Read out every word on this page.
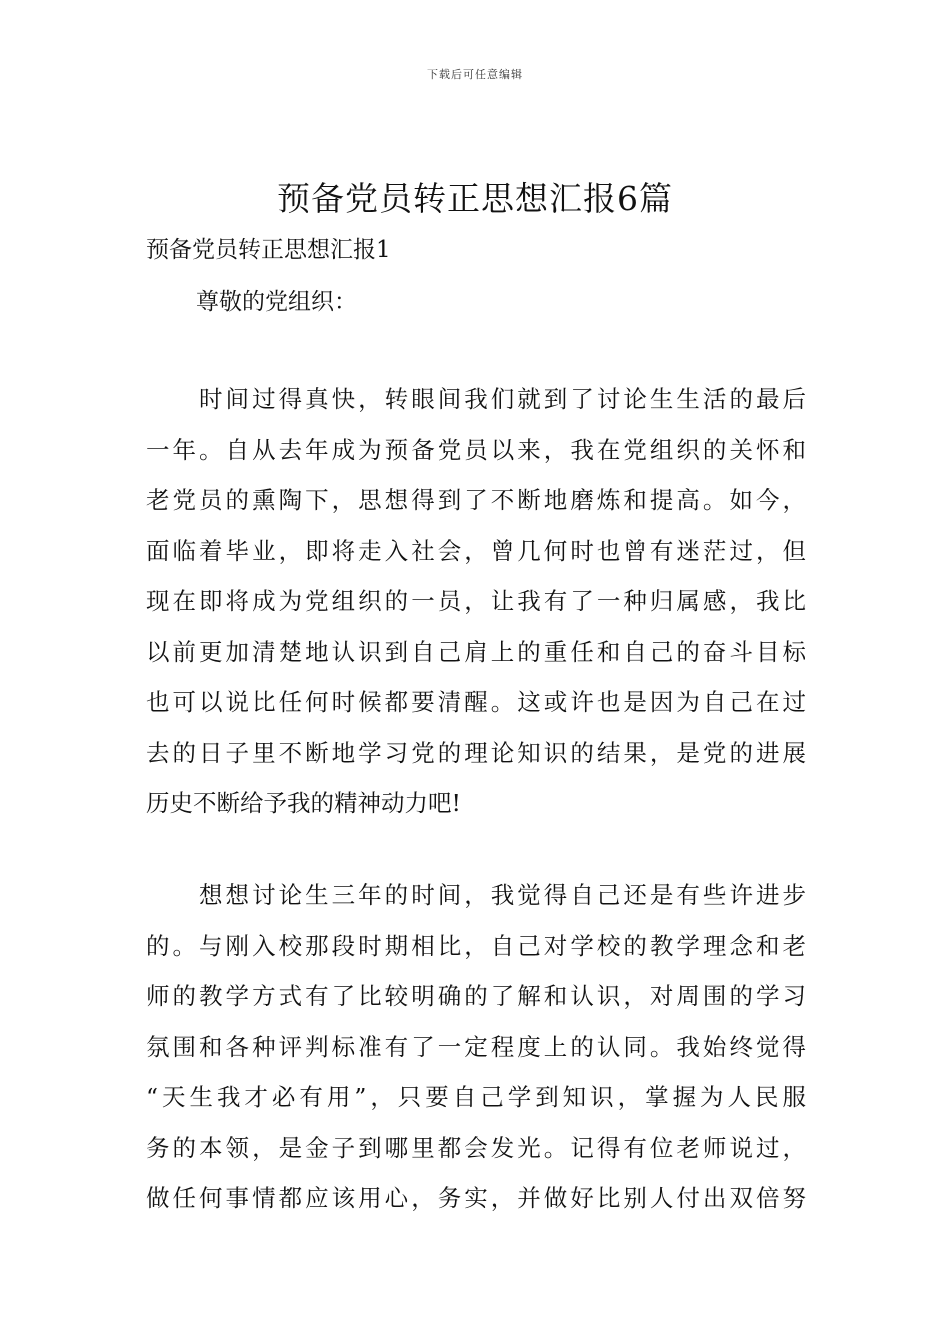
下载后可任意编辑
预备党员转正思想汇报6篇

预备党员转正思想汇报1

尊敬的党组织：

　　时间过得真快，转眼间我们就到了讨论生生活的最后
一年。自从去年成为预备党员以来，我在党组织的关怀和
老党员的熏陶下，思想得到了不断地磨炼和提高。如今，
面临着毕业，即将走入社会，曾几何时也曾有迷茫过，但
现在即将成为党组织的一员，让我有了一种归属感，我比
以前更加清楚地认识到自己肩上的重任和自己的奋斗目标
也可以说比任何时候都要清醒。这或许也是因为自己在过
去的日子里不断地学习党的理论知识的结果，是党的进展
历史不断给予我的精神动力吧!
　　想想讨论生三年的时间，我觉得自己还是有些许进步
的。与刚入校那段时期相比，自己对学校的教学理念和老
师的教学方式有了比较明确的了解和认识，对周围的学习
氛围和各种评判标准有了一定程度上的认同。我始终觉得
“天生我才必有用”，只要自己学到知识，掌握为人民服
务的本领，是金子到哪里都会发光。记得有位老师说过，
做任何事情都应该用心，务实，并做好比别人付出双倍努
